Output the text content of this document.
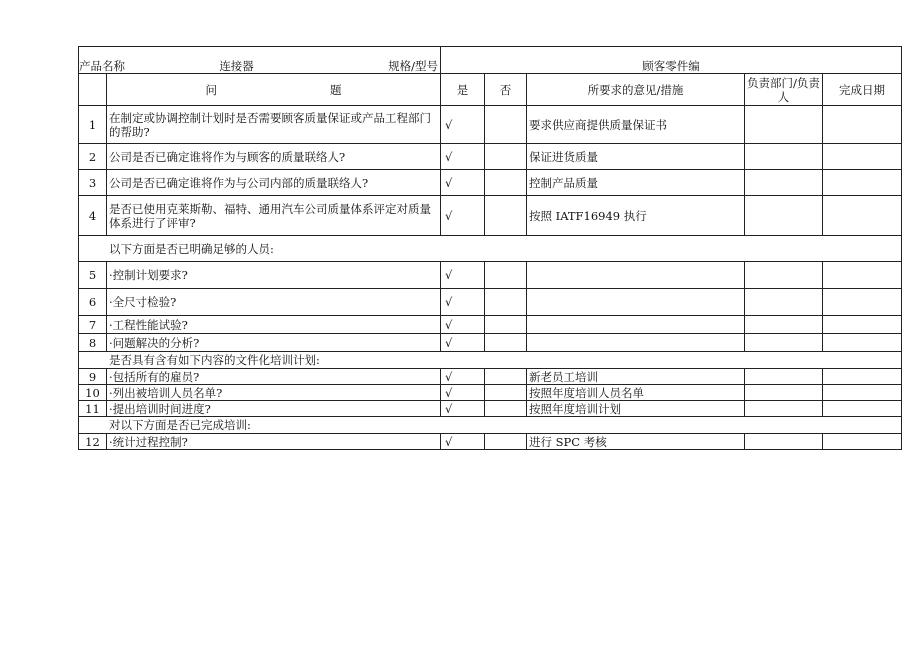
产品名称 连接器 规格/型号		顾客零件编				

	问 题	是	否	所要求的意见/措施	负责部门/负责人	完成日期
1	在制定或协调控制计划时是否需要顾客质量保证或产品工程部门的帮助?	√		要求供应商提供质量保证书		
2	公司是否已确定谁将作为与顾客的质量联络人?	√		保证进货质量		
3	公司是否已确定谁将作为与公司内部的质量联络人?	√		控制产品质量		
4	是否已使用克莱斯勒、福特、通用汽车公司质量体系评定对质量体系进行了评审?	√		按照 IATF16949 执行		
以下方面是否已明确足够的人员:						
5	·控制计划要求?	√				
6	·全尺寸检验?	√				
7	·工程性能试验?	√				
8	·问题解决的分析?	√				
是否具有含有如下内容的文件化培训计划:						
9	·包括所有的雇员?	√		新老员工培训		
10	·列出被培训人员名单?	√		按照年度培训人员名单		
11	·提出培训时间进度?	√		按照年度培训计划		
对以下方面是否已完成培训:						
12	·统计过程控制?	√		进行 SPC 考核		
